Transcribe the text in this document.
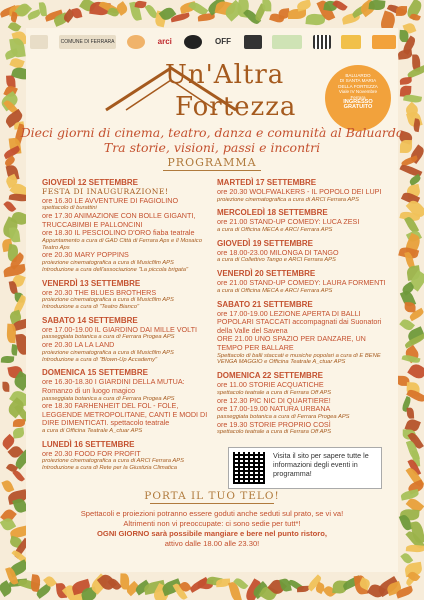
COMUNE DI FERRARA	arci	OFF
Un'Altra
Fortezza
BALUARDO
DI SANTA MARIA
DELLA FORTEZZA
Viale IV Novembre
Ferrara
INGRESSO
GRATUITO
Dieci giorni di cinema, teatro, danza e comunità al Baluardo
Tra storie, visioni, passi e incontri
PROGRAMMA
GIOVEDÌ 12 SETTEMBRE
FESTA DI INAUGURAZIONE!
ore 16.30 LE AVVENTURE DI FAGIOLINO
spettacolo di burattini
ore 17.30 ANIMAZIONE CON BOLLE GIGANTI, TRUCCABIMBI E PALLONCINI
ore 18.30 IL PESCIOLINO D'ORO fiaba teatrale
Appuntamento a cura di GAD Città di Ferrara Aps e Il Mosaico Teatro Aps
ore 20.30 MARY POPPINS
proiezione cinematografica a cura di Musicfilm APS
Introduzione a cura dell'associazione "La piccola brigata"
VENERDÌ 13 SETTEMBRE
ore 20.30 THE BLUES BROTHERS
proiezione cinematografica a cura di Musicfilm APS
Introduzione a cura di "Teatro Bianco"
SABATO 14 SETTEMBRE
ore 17.00-19.00 IL GIARDINO DAI MILLE VOLTI
passeggiata botanica a cura di Ferrara Progea APS
ore 20.30 LA LA LAND
proiezione cinematografica a cura di Musicfilm APS
Introduzione a cura di "Blown-Up Accademy"
DOMENICA 15 SETTEMBRE
ore 16.30-18.30 I GIARDINI DELLA MUTUA: Romanzo di un luogo magico
passeggiata botanica a cura di Ferrara Progea APS
ore 18.30 FARHENHEIT DEL FOL - FOLE, LEGGENDE METROPOLITANE, CANTI E MODI DI DIRE DIMENTICATI. spettacolo teatrale
a cura di Officina Teatrale A_ctuar APS
LUNEDÌ 16 SETTEMBRE
ore 20.30 FOOD FOR PROFIT
proiezione cinematografica a cura di ARCI Ferrara APS
Introduzione a cura di Rete per la Giustizia Climatica
MARTEDÌ 17 SETTEMBRE
ore 20.30 WOLFWALKERS - IL POPOLO DEI LUPI
proiezione cinematografica a cura di ARCI Ferrara APS
MERCOLEDÌ 18 SETTEMBRE
ore 21.00 STAND-UP COMEDY: LUCA ZESI
a cura di Officina MECA e ARCI Ferrara APS
GIOVEDÌ 19 SETTEMBRE
ore 18.00-23.00 MILONGA DI TANGO
a cura di Collettivo Tango e ARCI Ferrara APS
VENERDÌ 20 SETTEMBRE
ore 21.00 STAND-UP COMEDY: LAURA FORMENTI
a cura di Officina MECA e ARCI Ferrara APS
SABATO 21 SETTEMBRE
ore 17.00-19.00 LEZIONE APERTA DI BALLI POPOLARI STACCATI accompagnati dai Suonatori della Valle del Savena
ORE 21.00 UNO SPAZIO PER DANZARE, UN TEMPO PER BALLARE
Spettacolo di balli staccati e musiche popolari a cura di E BENE VENGA MAGGIO e Officina Teatrale A_ctuar APS
DOMENICA 22 SETTEMBRE
ore 11.00 STORIE ACQUATICHE
spettacolo teatrale a cura di Ferrara Off APS
ore 12.30 PIC NIC DI QUARTIERE!
ore 17.00-19.00 NATURA URBANA
passeggiata botanica a cura di Ferrara Progea APS
ore 19.30 STORIE PROPRIO COSÌ
spettacolo teatrale a cura di Ferrara Off APS
Visita il sito per sapere tutte le informazioni degli eventi in programma!
PORTA IL TUO TELO!
Spettacoli e proiezioni potranno essere goduti anche seduti sul prato, se vi va!
Altrimenti non vi preoccupate: ci sono sedie per tutt*!
OGNI GIORNO sarà possibile mangiare e bere nel punto ristoro,
attivo dalle 18.00 alle 23.30!
